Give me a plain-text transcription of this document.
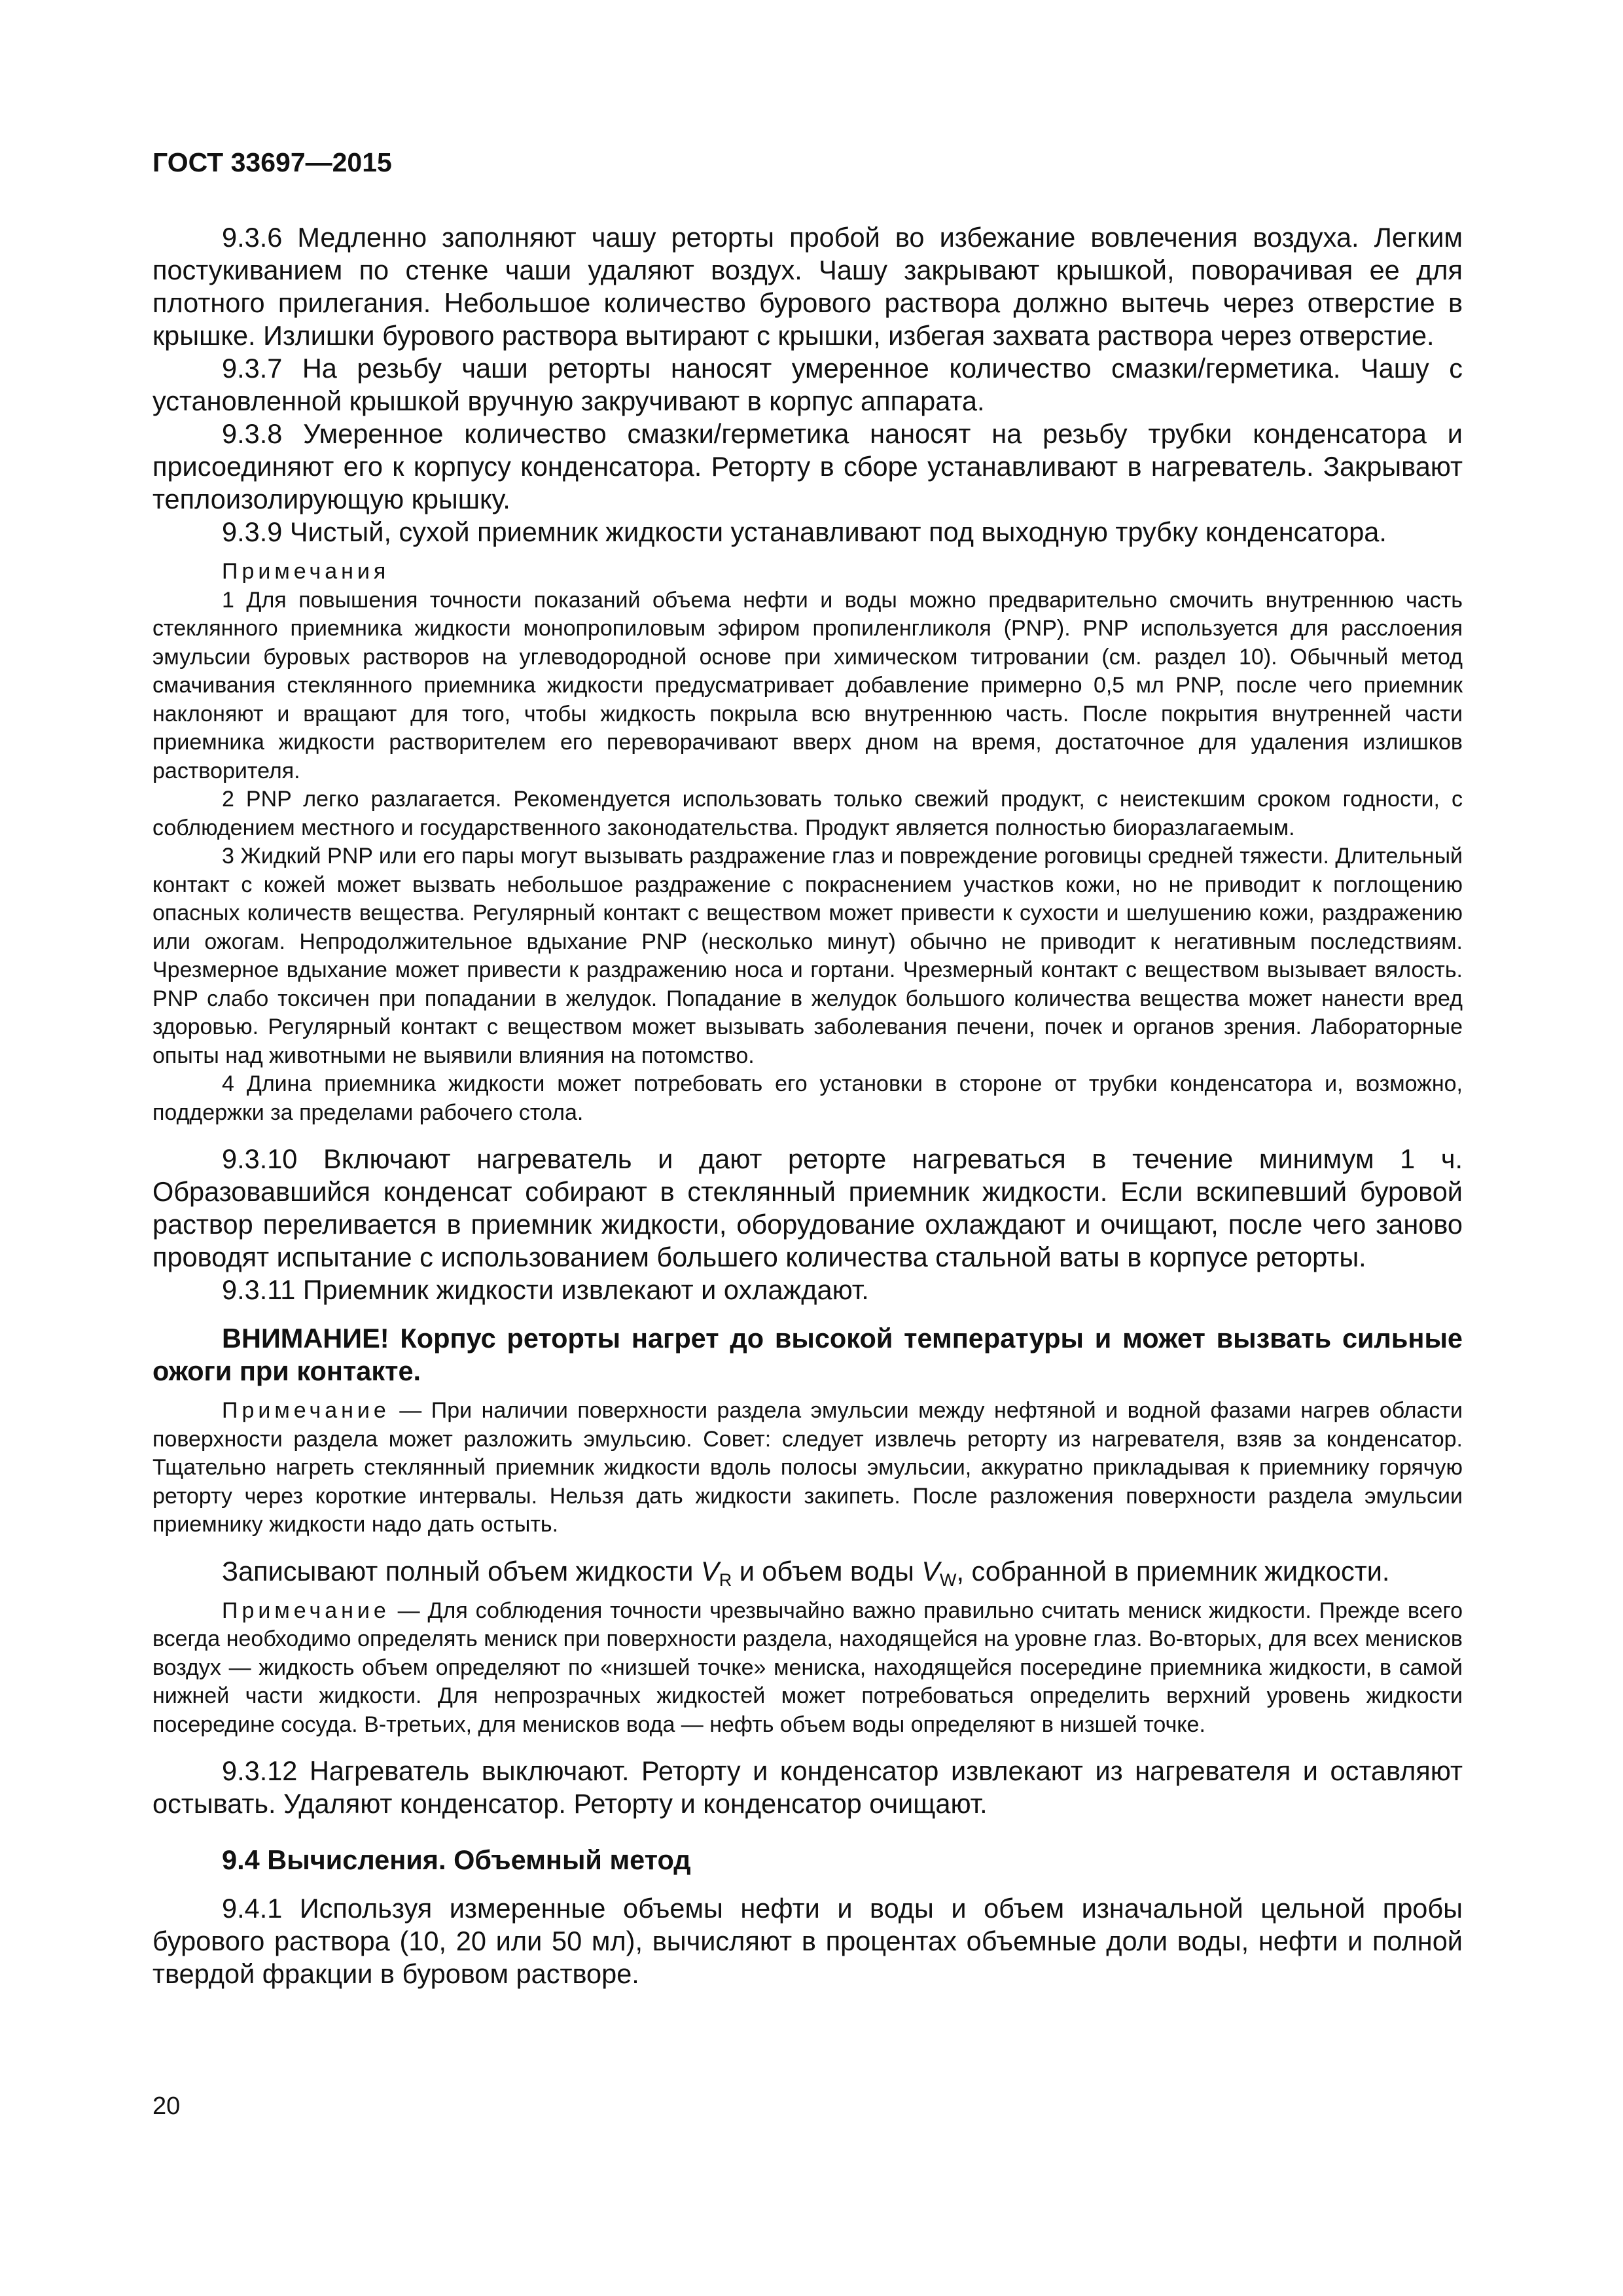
ГОСТ 33697—2015

9.3.6 Медленно заполняют чашу реторты пробой во избежание вовлечения воздуха. Легким постукиванием по стенке чаши удаляют воздух. Чашу закрывают крышкой, поворачивая ее для плотного прилегания. Небольшое количество бурового раствора должно вытечь через отверстие в крышке. Излишки бурового раствора вытирают с крышки, избегая захвата раствора через отверстие.

9.3.7 На резьбу чаши реторты наносят умеренное количество смазки/герметика. Чашу с установленной крышкой вручную закручивают в корпус аппарата.

9.3.8 Умеренное количество смазки/герметика наносят на резьбу трубки конденсатора и присоединяют его к корпусу конденсатора. Реторту в сборе устанавливают в нагреватель. Закрывают теплоизолирующую крышку.

9.3.9 Чистый, сухой приемник жидкости устанавливают под выходную трубку конденсатора.

Примечания

1 Для повышения точности показаний объема нефти и воды можно предварительно смочить внутреннюю часть стеклянного приемника жидкости монопропиловым эфиром пропиленгликоля (PNP). PNP используется для расслоения эмульсии буровых растворов на углеводородной основе при химическом титровании (см. раздел 10). Обычный метод смачивания стеклянного приемника жидкости предусматривает добавление примерно 0,5 мл PNP, после чего приемник наклоняют и вращают для того, чтобы жидкость покрыла всю внутреннюю часть. После покрытия внутренней части приемника жидкости растворителем его переворачивают вверх дном на время, достаточное для удаления излишков растворителя.

2 PNP легко разлагается. Рекомендуется использовать только свежий продукт, с неистекшим сроком годности, с соблюдением местного и государственного законодательства. Продукт является полностью биоразлагаемым.

3 Жидкий PNP или его пары могут вызывать раздражение глаз и повреждение роговицы средней тяжести. Длительный контакт с кожей может вызвать небольшое раздражение с покраснением участков кожи, но не приводит к поглощению опасных количеств вещества. Регулярный контакт с веществом может привести к сухости и шелушению кожи, раздражению или ожогам. Непродолжительное вдыхание PNP (несколько минут) обычно не приводит к негативным последствиям. Чрезмерное вдыхание может привести к раздражению носа и гортани. Чрезмерный контакт с веществом вызывает вялость. PNP слабо токсичен при попадании в желудок. Попадание в желудок большого количества вещества может нанести вред здоровью. Регулярный контакт с веществом может вызывать заболевания печени, почек и органов зрения. Лабораторные опыты над животными не выявили влияния на потомство.

4 Длина приемника жидкости может потребовать его установки в стороне от трубки конденсатора и, возможно, поддержки за пределами рабочего стола.

9.3.10 Включают нагреватель и дают реторте нагреваться в течение минимум 1 ч. Образовавшийся конденсат собирают в стеклянный приемник жидкости. Если вскипевший буровой раствор переливается в приемник жидкости, оборудование охлаждают и очищают, после чего заново проводят испытание с использованием большего количества стальной ваты в корпусе реторты.

9.3.11 Приемник жидкости извлекают и охлаждают.

ВНИМАНИЕ! Корпус реторты нагрет до высокой температуры и может вызвать сильные ожоги при контакте.

Примечание — При наличии поверхности раздела эмульсии между нефтяной и водной фазами нагрев области поверхности раздела может разложить эмульсию. Совет: следует извлечь реторту из нагревателя, взяв за конденсатор. Тщательно нагреть стеклянный приемник жидкости вдоль полосы эмульсии, аккуратно прикладывая к приемнику горячую реторту через короткие интервалы. Нельзя дать жидкости закипеть. После разложения поверхности раздела эмульсии приемнику жидкости надо дать остыть.

Записывают полный объем жидкости $V_R$ и объем воды $V_W$, собранной в приемник жидкости.

Примечание — Для соблюдения точности чрезвычайно важно правильно считать мениск жидкости. Прежде всего всегда необходимо определять мениск при поверхности раздела, находящейся на уровне глаз. Во-вторых, для всех менисков воздух — жидкость объем определяют по «низшей точке» мениска, находящейся посередине приемника жидкости, в самой нижней части жидкости. Для непрозрачных жидкостей может потребоваться определить верхний уровень жидкости посередине сосуда. В-третьих, для менисков вода — нефть объем воды определяют в низшей точке.

9.3.12 Нагреватель выключают. Реторту и конденсатор извлекают из нагревателя и оставляют остывать. Удаляют конденсатор. Реторту и конденсатор очищают.

9.4 Вычисления. Объемный метод

9.4.1 Используя измеренные объемы нефти и воды и объем изначальной цельной пробы бурового раствора (10, 20 или 50 мл), вычисляют в процентах объемные доли воды, нефти и полной твердой фракции в буровом растворе.

20
